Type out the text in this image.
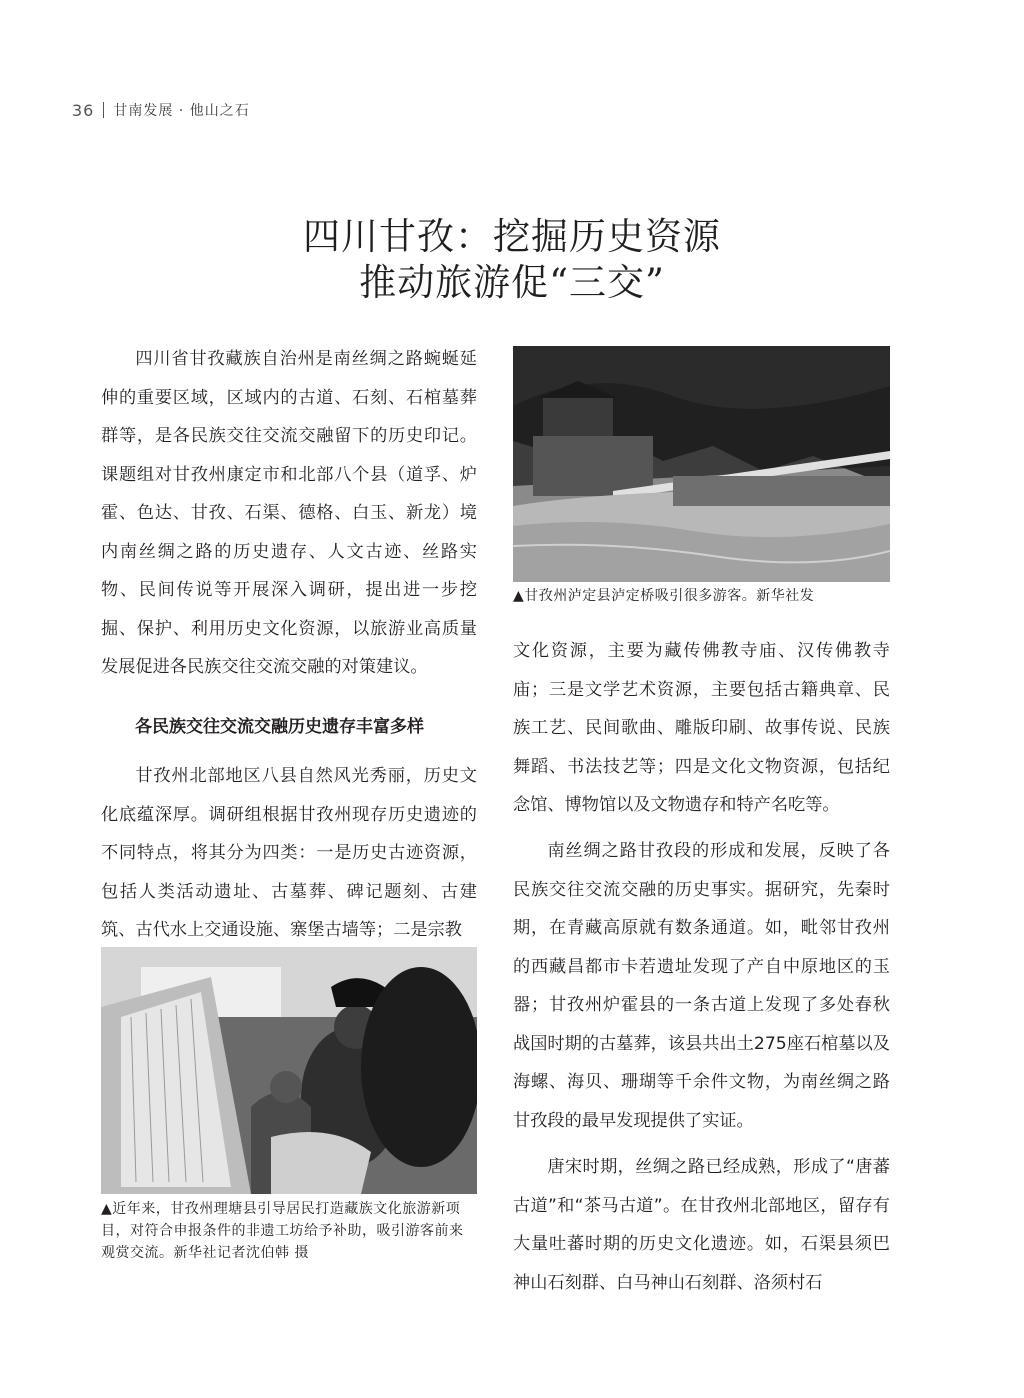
36 甘南发展 · 他山之石
四川甘孜：挖掘历史资源
推动旅游促“三交”

四川省甘孜藏族自治州是南丝绸之路蜿蜒延伸的重要区域，区域内的古道、石刻、石棺墓葬群等，是各民族交往交流交融留下的历史印记。课题组对甘孜州康定市和北部八个县（道孚、炉霍、色达、甘孜、石渠、德格、白玉、新龙）境内南丝绸之路的历史遗存、人文古迹、丝路实物、民间传说等开展深入调研，提出进一步挖掘、保护、利用历史文化资源，以旅游业高质量发展促进各民族交往交流交融的对策建议。

各民族交往交流交融历史遗存丰富多样

甘孜州北部地区八县自然风光秀丽，历史文化底蕴深厚。调研组根据甘孜州现存历史遗迹的不同特点，将其分为四类：一是历史古迹资源，包括人类活动遗址、古墓葬、碑记题刻、古建筑、古代水上交通设施、寨堡古墙等；二是宗教

▲甘孜州泸定县泸定桥吸引很多游客。新华社发

文化资源，主要为藏传佛教寺庙、汉传佛教寺庙；三是文学艺术资源，主要包括古籍典章、民族工艺、民间歌曲、雕版印刷、故事传说、民族舞蹈、书法技艺等；四是文化文物资源，包括纪念馆、博物馆以及文物遗存和特产名吃等。

南丝绸之路甘孜段的形成和发展，反映了各民族交往交流交融的历史事实。据研究，先秦时期，在青藏高原就有数条通道。如，毗邻甘孜州的西藏昌都市卡若遗址发现了产自中原地区的玉器；甘孜州炉霍县的一条古道上发现了多处春秋战国时期的古墓葬，该县共出土275座石棺墓以及海螺、海贝、珊瑚等千余件文物，为南丝绸之路甘孜段的最早发现提供了实证。

唐宋时期，丝绸之路已经成熟，形成了“唐蕃古道”和“茶马古道”。在甘孜州北部地区，留存有大量吐蕃时期的历史文化遗迹。如，石渠县须巴神山石刻群、白马神山石刻群、洛须村石

▲近年来，甘孜州理塘县引导居民打造藏族文化旅游新项目，对符合申报条件的非遗工坊给予补助，吸引游客前来观赏交流。新华社记者沈伯韩 摄
